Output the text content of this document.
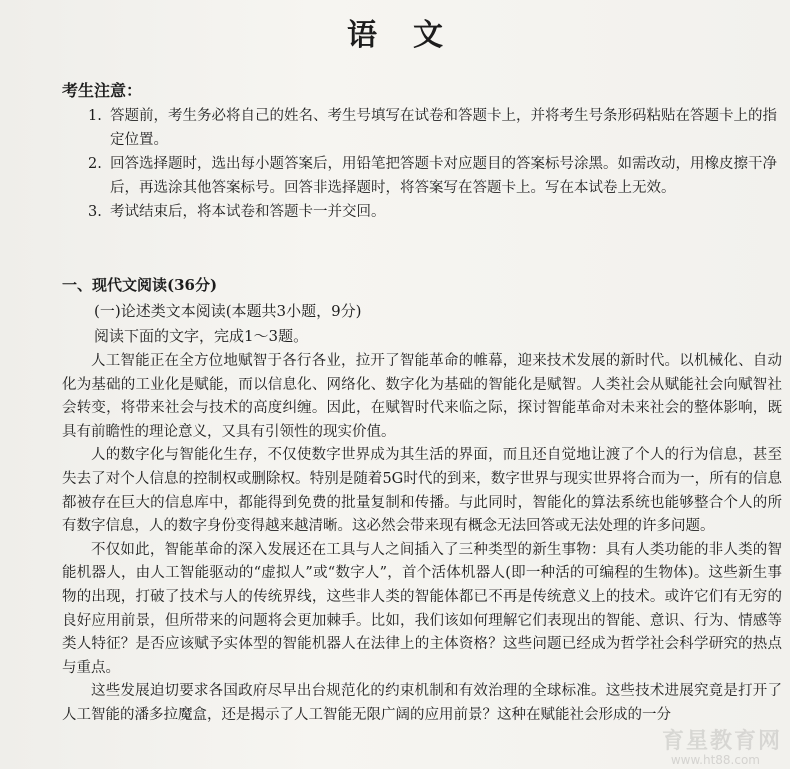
语文
考生注意：
1. 答题前，考生务必将自己的姓名、考生号填写在试卷和答题卡上，并将考生号条形码粘贴在答题卡上的指定位置。
2. 回答选择题时，选出每小题答案后，用铅笔把答题卡对应题目的答案标号涂黑。如需改动，用橡皮擦干净后，再选涂其他答案标号。回答非选择题时，将答案写在答题卡上。写在本试卷上无效。
3. 考试结束后，将本试卷和答题卡一并交回。
一、现代文阅读(36分)
(一)论述类文本阅读(本题共3小题，9分)
阅读下面的文字，完成1～3题。

人工智能正在全方位地赋智于各行各业，拉开了智能革命的帷幕，迎来技术发展的新时代。以机械化、自动化为基础的工业化是赋能，而以信息化、网络化、数字化为基础的智能化是赋智。人类社会从赋能社会向赋智社会转变，将带来社会与技术的高度纠缠。因此，在赋智时代来临之际，探讨智能革命对未来社会的整体影响，既具有前瞻性的理论意义，又具有引领性的现实价值。

人的数字化与智能化生存，不仅使数字世界成为其生活的界面，而且还自觉地让渡了个人的行为信息，甚至失去了对个人信息的控制权或删除权。特别是随着5G时代的到来，数字世界与现实世界将合而为一，所有的信息都被存在巨大的信息库中，都能得到免费的批量复制和传播。与此同时，智能化的算法系统也能够整合个人的所有数字信息，人的数字身份变得越来越清晰。这必然会带来现有概念无法回答或无法处理的许多问题。

不仅如此，智能革命的深入发展还在工具与人之间插入了三种类型的新生事物：具有人类功能的非人类的智能机器人，由人工智能驱动的“虚拟人”或“数字人”，首个活体机器人(即一种活的可编程的生物体)。这些新生事物的出现，打破了技术与人的传统界线，这些非人类的智能体都已不再是传统意义上的技术。或许它们有无穷的良好应用前景，但所带来的问题将会更加棘手。比如，我们该如何理解它们表现出的智能、意识、行为、情感等类人特征？是否应该赋予实体型的智能机器人在法律上的主体资格？这些问题已经成为哲学社会科学研究的热点与重点。

这些发展迫切要求各国政府尽早出台规范化的约束机制和有效治理的全球标准。这些技术进展究竟是打开了人工智能的潘多拉魔盒，还是揭示了人工智能无限广阔的应用前景？这种在赋能社会形成的一分

育星教育网
www.ht88.com
